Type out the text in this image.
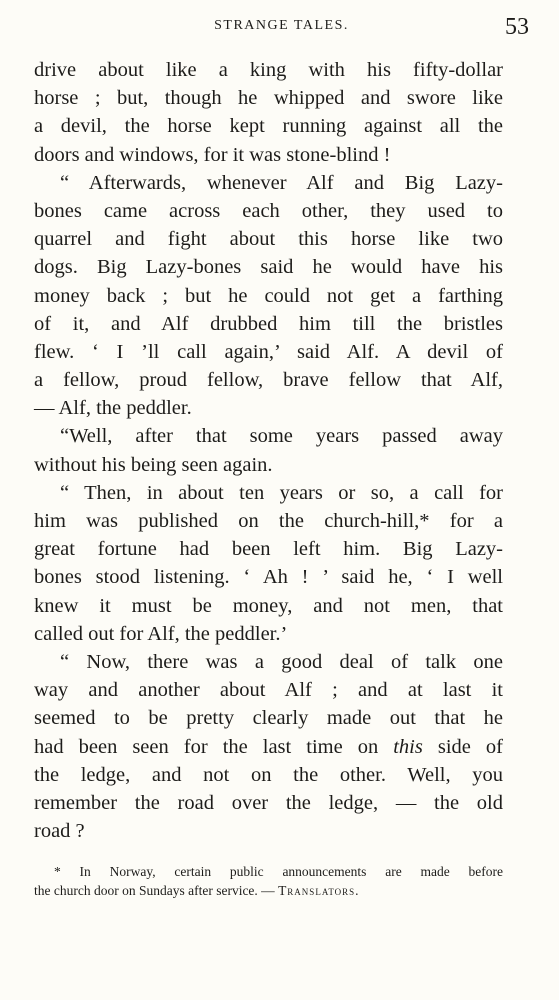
STRANGE TALES.	53
drive about like a king with his fifty-dollar
horse ; but, though he whipped and swore like
a devil, the horse kept running against all the
doors and windows, for it was stone-blind !
“ Afterwards, whenever Alf and Big Lazy-
bones came across each other, they used to
quarrel and fight about this horse like two
dogs. Big Lazy-bones said he would have his
money back ; but he could not get a farthing
of it, and Alf drubbed him till the bristles
flew. ‘ I ’ll call again,’ said Alf. A devil of
a fellow, proud fellow, brave fellow that Alf,
— Alf, the peddler.
“Well, after that some years passed away
without his being seen again.
“ Then, in about ten years or so, a call for
him was published on the church-hill,* for a
great fortune had been left him. Big Lazy-
bones stood listening. ‘ Ah ! ’ said he, ‘ I well
knew it must be money, and not men, that
called out for Alf, the peddler.’
“ Now, there was a good deal of talk one
way and another about Alf ; and at last it
seemed to be pretty clearly made out that he
had been seen for the last time on this side of
the ledge, and not on the other. Well, you
remember the road over the ledge, — the old
road ?
* In Norway, certain public announcements are made before
the church door on Sundays after service. — Translators.
